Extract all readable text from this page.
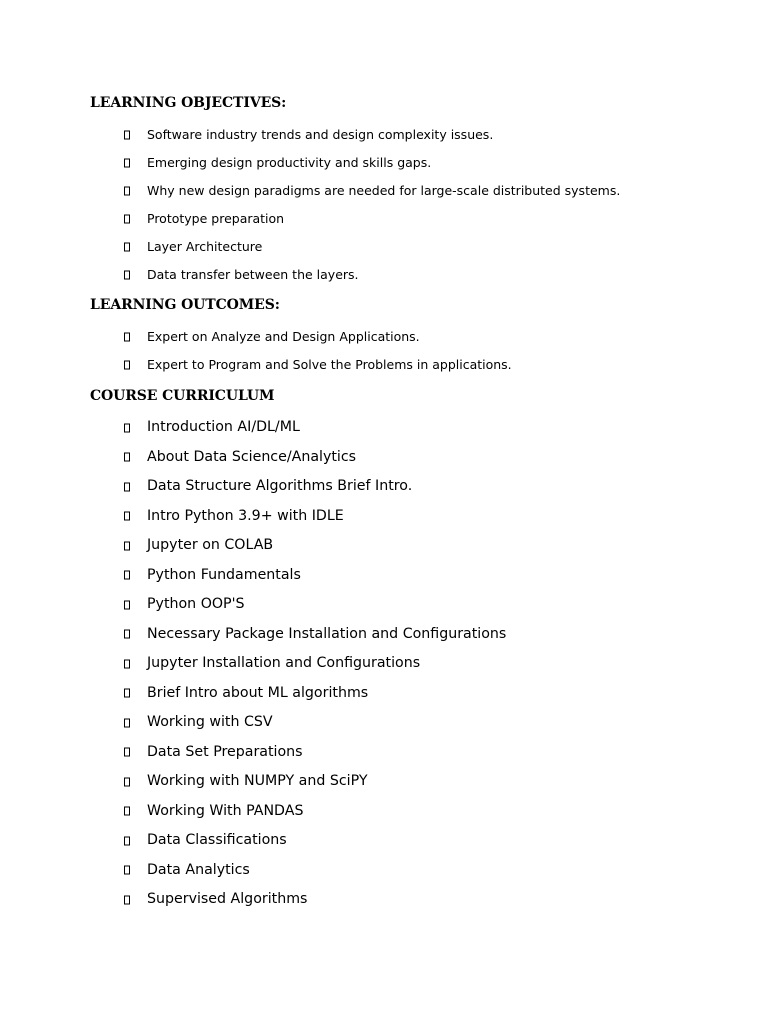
LEARNING OBJECTIVES:
Software industry trends and design complexity issues.
Emerging design productivity and skills gaps.
Why new design paradigms are needed for large-scale distributed systems.
Prototype preparation
Layer Architecture
Data transfer between the layers.
LEARNING OUTCOMES:
Expert on Analyze and Design Applications.
Expert to Program and Solve the Problems in applications.
COURSE CURRICULUM
Introduction AI/DL/ML
About Data Science/Analytics
Data Structure Algorithms Brief Intro.
Intro Python 3.9+ with IDLE
Jupyter on COLAB
Python Fundamentals
Python OOP'S
Necessary Package Installation and Configurations
Jupyter Installation and Configurations
Brief Intro about ML algorithms
Working with CSV
Data Set Preparations
Working with NUMPY and SciPY
Working With PANDAS
Data Classifications
Data Analytics
Supervised Algorithms
